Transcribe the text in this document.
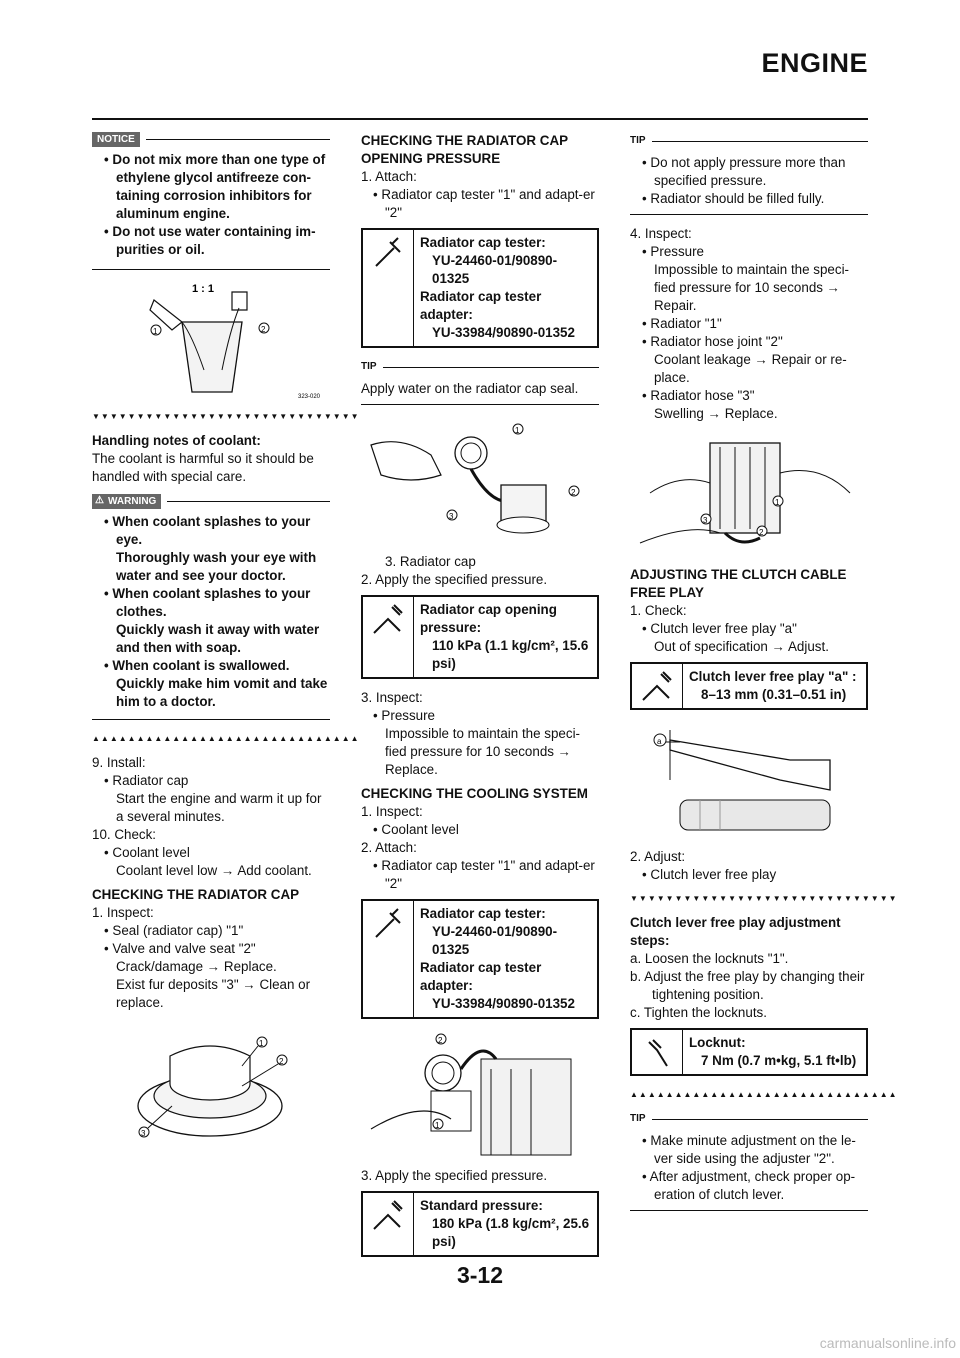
ENGINE
NOTICE
• Do not mix more than one type of ethylene glycol antifreeze con-taining corrosion inhibitors for aluminum engine.
• Do not use water containing im-purities or oil.
1 : 1
1	2
323-020
▼▼▼▼▼▼▼▼▼▼▼▼▼▼▼▼▼▼▼▼▼▼▼▼▼▼▼▼▼▼
Handling notes of coolant:
The coolant is harmful so it should be handled with special care.
⚠ WARNING
• When coolant splashes to your eye.
Thoroughly wash your eye with water and see your doctor.
• When coolant splashes to your clothes.
Quickly wash it away with water and then with soap.
• When coolant is swallowed.
Quickly make him vomit and take him to a doctor.
▲▲▲▲▲▲▲▲▲▲▲▲▲▲▲▲▲▲▲▲▲▲▲▲▲▲▲▲▲▲
9. Install:
• Radiator cap
Start the engine and warm it up for a several minutes.
10. Check:
• Coolant level
Coolant level low → Add coolant.
CHECKING THE RADIATOR CAP
1. Inspect:
• Seal (radiator cap) "1"
• Valve and valve seat "2"
Crack/damage → Replace.
Exist fur deposits "3" → Clean or replace.
1
2
3
CHECKING THE RADIATOR CAP OPENING PRESSURE
1. Attach:
• Radiator cap tester "1" and adapt-er "2"
Radiator cap tester:
YU-24460-01/90890-01325
Radiator cap tester adapter:
YU-33984/90890-01352
TIP
Apply water on the radiator cap seal.
1
2
3
3. Radiator cap
2. Apply the specified pressure.
Radiator cap opening pressure:
110 kPa (1.1 kg/cm², 15.6 psi)
3. Inspect:
• Pressure
Impossible to maintain the speci-fied pressure for 10 seconds → Replace.
CHECKING THE COOLING SYSTEM
1. Inspect:
• Coolant level
2. Attach:
• Radiator cap tester "1" and adapt-er "2"
Radiator cap tester:
YU-24460-01/90890-01325
Radiator cap tester adapter:
YU-33984/90890-01352
2
1
3. Apply the specified pressure.
Standard pressure:
180 kPa (1.8 kg/cm², 25.6 psi)
TIP
• Do not apply pressure more than specified pressure.
• Radiator should be filled fully.
4. Inspect:
• Pressure
Impossible to maintain the speci-fied pressure for 10 seconds → Repair.
• Radiator "1"
• Radiator hose joint "2"
Coolant leakage → Repair or re-place.
• Radiator hose "3"
Swelling → Replace.
1
2
3
ADJUSTING THE CLUTCH CABLE FREE PLAY
1. Check:
• Clutch lever free play "a"
Out of specification → Adjust.
Clutch lever free play "a" :
8–13 mm (0.31–0.51 in)
a
2. Adjust:
• Clutch lever free play
▼▼▼▼▼▼▼▼▼▼▼▼▼▼▼▼▼▼▼▼▼▼▼▼▼▼▼▼▼▼
Clutch lever free play adjustment steps:
a. Loosen the locknuts "1".
b. Adjust the free play by changing their tightening position.
c. Tighten the locknuts.
Locknut:
7 Nm (0.7 m•kg, 5.1 ft•lb)
▲▲▲▲▲▲▲▲▲▲▲▲▲▲▲▲▲▲▲▲▲▲▲▲▲▲▲▲▲▲
TIP
• Make minute adjustment on the le-ver side using the adjuster "2".
• After adjustment, check proper op-eration of clutch lever.
3-12
carmanualsonline.info
